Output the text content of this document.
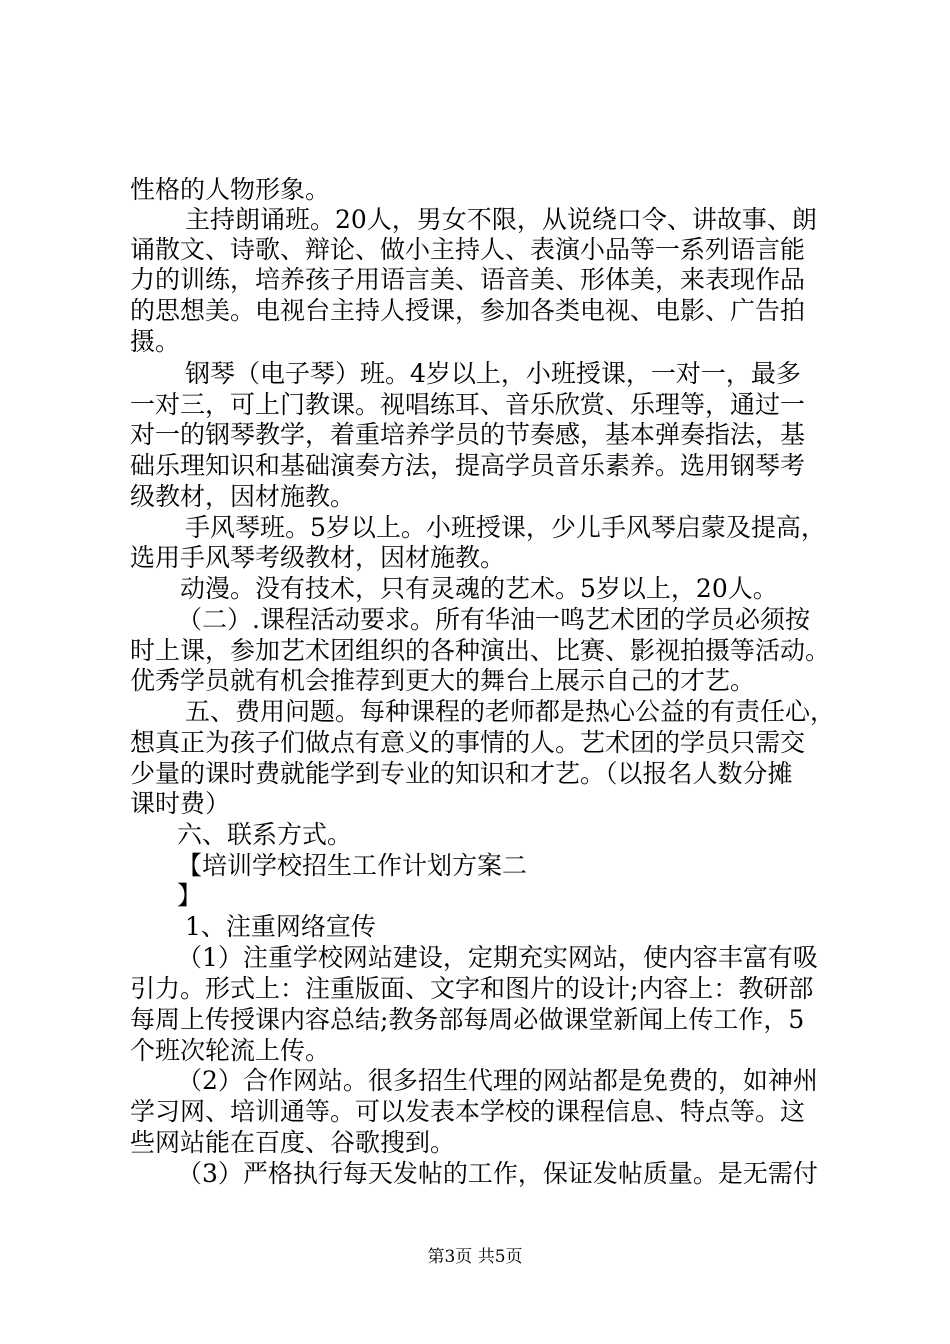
性格的人物形象。
主持朗诵班。20人，男女不限，从说绕口令、讲故事、朗
诵散文、诗歌、辩论、做小主持人、表演小品等一系列语言能
力的训练，培养孩子用语言美、语音美、形体美，来表现作品
的思想美。电视台主持人授课，参加各类电视、电影、广告拍
摄。
钢琴（电子琴）班。4岁以上，小班授课，一对一，最多
一对三，可上门教课。视唱练耳、音乐欣赏、乐理等，通过一
对一的钢琴教学，着重培养学员的节奏感，基本弹奏指法，基
础乐理知识和基础演奏方法，提高学员音乐素养。选用钢琴考
级教材，因材施教。
手风琴班。5岁以上。小班授课，少儿手风琴启蒙及提高，
选用手风琴考级教材，因材施教。
动漫。没有技术，只有灵魂的艺术。5岁以上，20人。
（二）.课程活动要求。所有华油一鸣艺术团的学员必须按
时上课，参加艺术团组织的各种演出、比赛、影视拍摄等活动。
优秀学员就有机会推荐到更大的舞台上展示自己的才艺。
五、费用问题。每种课程的老师都是热心公益的有责任心，
想真正为孩子们做点有意义的事情的人。艺术团的学员只需交
少量的课时费就能学到专业的知识和才艺。（以报名人数分摊
课时费）
六、联系方式。
【培训学校招生工作计划方案二
】
1、注重网络宣传
（1）注重学校网站建设，定期充实网站，使内容丰富有吸
引力。形式上：注重版面、文字和图片的设计;内容上：教研部
每周上传授课内容总结;教务部每周必做课堂新闻上传工作，5
个班次轮流上传。
（2）合作网站。很多招生代理的网站都是免费的，如神州
学习网、培训通等。可以发表本学校的课程信息、特点等。这
些网站能在百度、谷歌搜到。
（3）严格执行每天发帖的工作，保证发帖质量。是无需付
第3页 共5页
